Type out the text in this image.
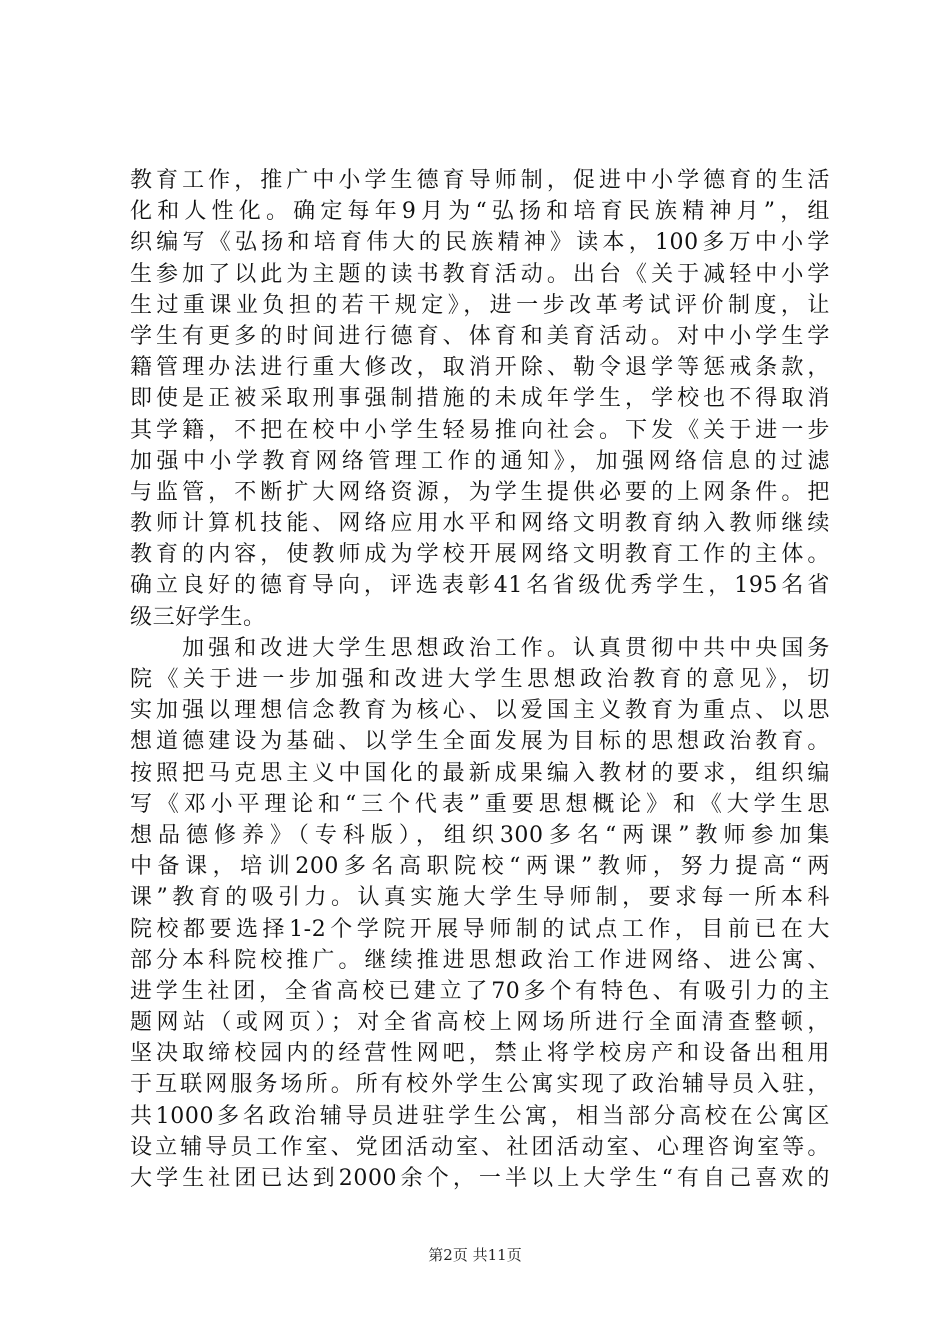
教育工作，推广中小学生德育导师制，促进中小学德育的生活
化和人性化。确定每年9月为“弘扬和培育民族精神月”，组
织编写《弘扬和培育伟大的民族精神》读本，100多万中小学
生参加了以此为主题的读书教育活动。出台《关于减轻中小学
生过重课业负担的若干规定》，进一步改革考试评价制度，让
学生有更多的时间进行德育、体育和美育活动。对中小学生学
籍管理办法进行重大修改，取消开除、勒令退学等惩戒条款，
即使是正被采取刑事强制措施的未成年学生，学校也不得取消
其学籍，不把在校中小学生轻易推向社会。下发《关于进一步
加强中小学教育网络管理工作的通知》，加强网络信息的过滤
与监管，不断扩大网络资源，为学生提供必要的上网条件。把
教师计算机技能、网络应用水平和网络文明教育纳入教师继续
教育的内容，使教师成为学校开展网络文明教育工作的主体。
确立良好的德育导向，评选表彰41名省级优秀学生，195名省
级三好学生。
　　加强和改进大学生思想政治工作。认真贯彻中共中央国务
院《关于进一步加强和改进大学生思想政治教育的意见》，切
实加强以理想信念教育为核心、以爱国主义教育为重点、以思
想道德建设为基础、以学生全面发展为目标的思想政治教育。
按照把马克思主义中国化的最新成果编入教材的要求，组织编
写《邓小平理论和“三个代表”重要思想概论》和《大学生思
想品德修养》（专科版），组织300多名“两课”教师参加集
中备课，培训200多名高职院校“两课”教师，努力提高“两
课”教育的吸引力。认真实施大学生导师制，要求每一所本科
院校都要选择1-2个学院开展导师制的试点工作，目前已在大
部分本科院校推广。继续推进思想政治工作进网络、进公寓、
进学生社团，全省高校已建立了70多个有特色、有吸引力的主
题网站（或网页）；对全省高校上网场所进行全面清查整顿，
坚决取缔校园内的经营性网吧，禁止将学校房产和设备出租用
于互联网服务场所。所有校外学生公寓实现了政治辅导员入驻，
共1000多名政治辅导员进驻学生公寓，相当部分高校在公寓区
设立辅导员工作室、党团活动室、社团活动室、心理咨询室等。
大学生社团已达到2000余个，一半以上大学生“有自己喜欢的
第2页 共11页
